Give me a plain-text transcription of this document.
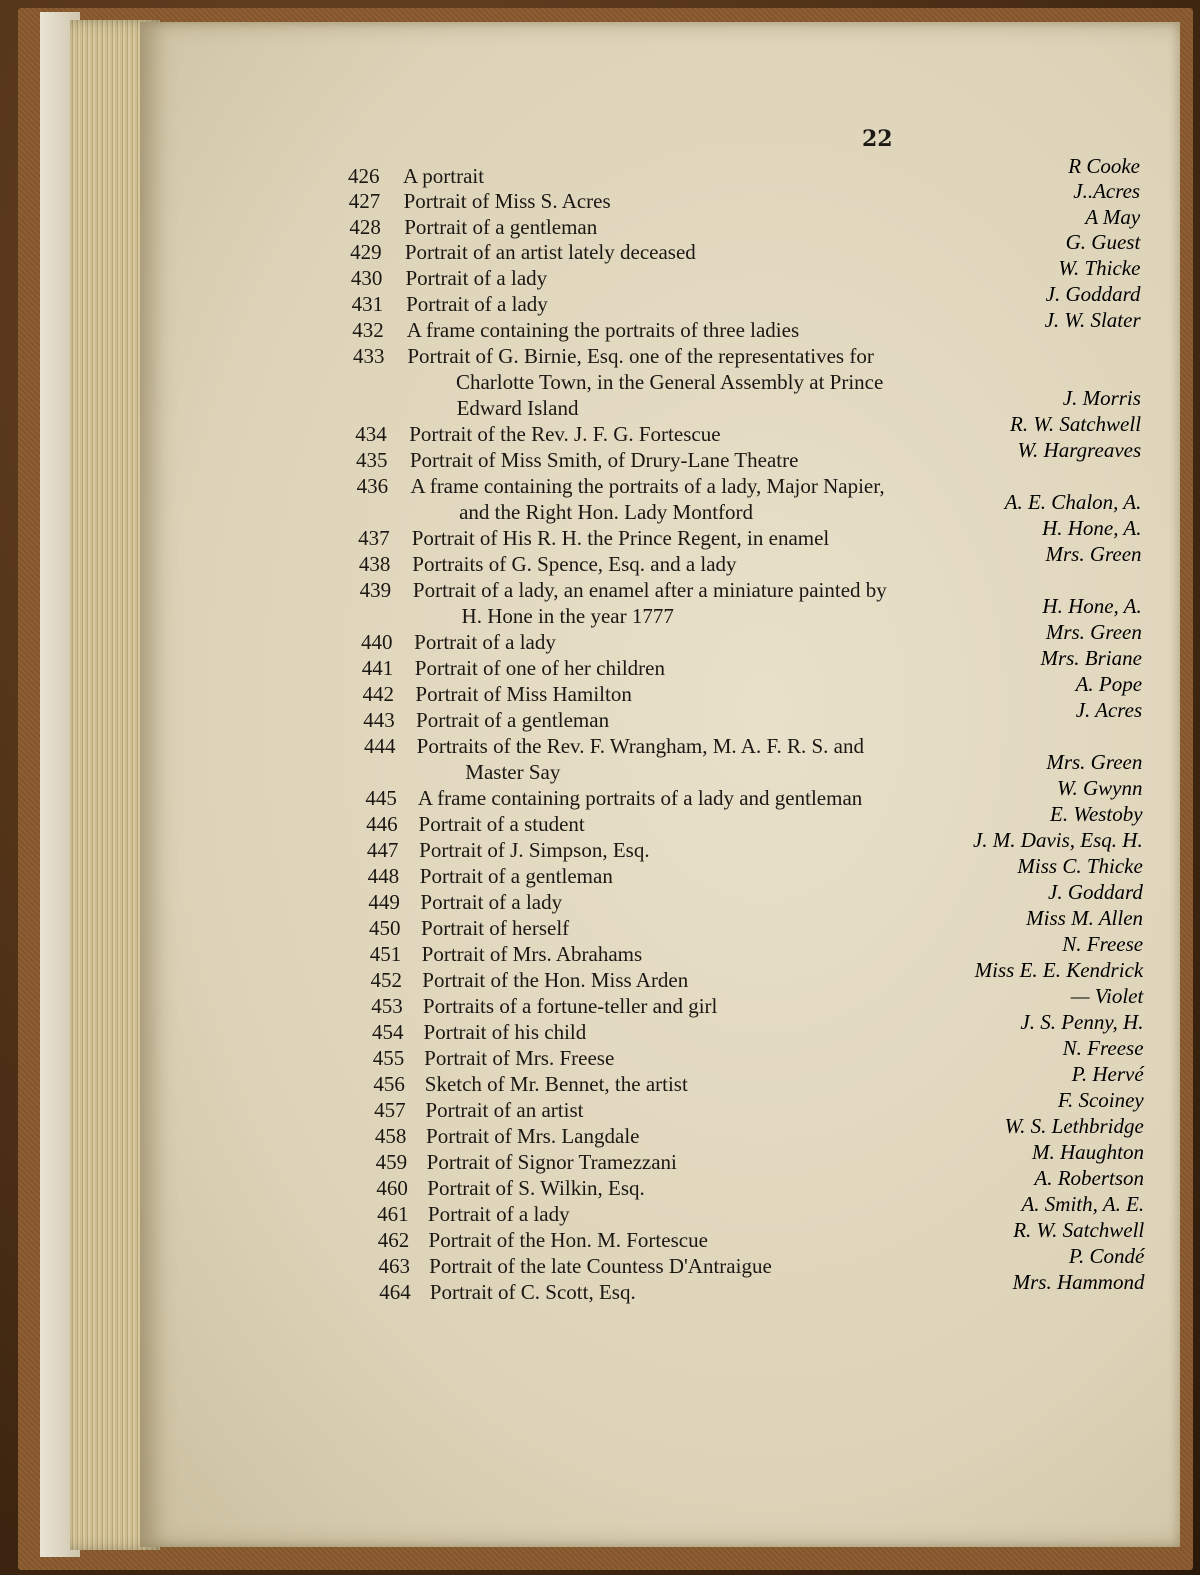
22
426 A portrait	R Cooke
427 Portrait of Miss S. Acres	J..Acres
428 Portrait of a gentleman	A May
429 Portrait of an artist lately deceased	G. Guest
430 Portrait of a lady	W. Thicke
431 Portrait of a lady	J. Goddard
432 A frame containing the portraits of three ladies	J. W. Slater
433 Portrait of G. Birnie, Esq. one of the representatives for
Charlotte Town, in the General Assembly at Prince
Edward Island	J. Morris
434 Portrait of the Rev. J. F. G. Fortescue	R. W. Satchwell
435 Portrait of Miss Smith, of Drury-Lane Theatre	W. Hargreaves
436 A frame containing the portraits of a lady, Major Napier,
and the Right Hon. Lady Montford	A. E. Chalon, A.
437 Portrait of His R. H. the Prince Regent, in enamel	H. Hone, A.
438 Portraits of G. Spence, Esq. and a lady	Mrs. Green
439 Portrait of a lady, an enamel after a miniature painted by
H. Hone in the year 1777	H. Hone, A.
440 Portrait of a lady	Mrs. Green
441 Portrait of one of her children	Mrs. Briane
442 Portrait of Miss Hamilton	A. Pope
443 Portrait of a gentleman	J. Acres
444 Portraits of the Rev. F. Wrangham, M. A. F. R. S. and
Master Say	Mrs. Green
445 A frame containing portraits of a lady and gentleman	W. Gwynn
446 Portrait of a student	E. Westoby
447 Portrait of J. Simpson, Esq.	J. M. Davis, Esq. H.
448 Portrait of a gentleman	Miss C. Thicke
449 Portrait of a lady	J. Goddard
450 Portrait of herself	Miss M. Allen
451 Portrait of Mrs. Abrahams	N. Freese
452 Portrait of the Hon. Miss Arden	Miss E. E. Kendrick
453 Portraits of a fortune-teller and girl	— Violet
454 Portrait of his child	J. S. Penny, H.
455 Portrait of Mrs. Freese	N. Freese
456 Sketch of Mr. Bennet, the artist	P. Hervé
457 Portrait of an artist	F. Scoiney
458 Portrait of Mrs. Langdale	W. S. Lethbridge
459 Portrait of Signor Tramezzani	M. Haughton
460 Portrait of S. Wilkin, Esq.	A. Robertson
461 Portrait of a lady	A. Smith, A. E.
462 Portrait of the Hon. M. Fortescue	R. W. Satchwell
463 Portrait of the late Countess D'Antraigue	P. Condé
464 Portrait of C. Scott, Esq.	Mrs. Hammond
